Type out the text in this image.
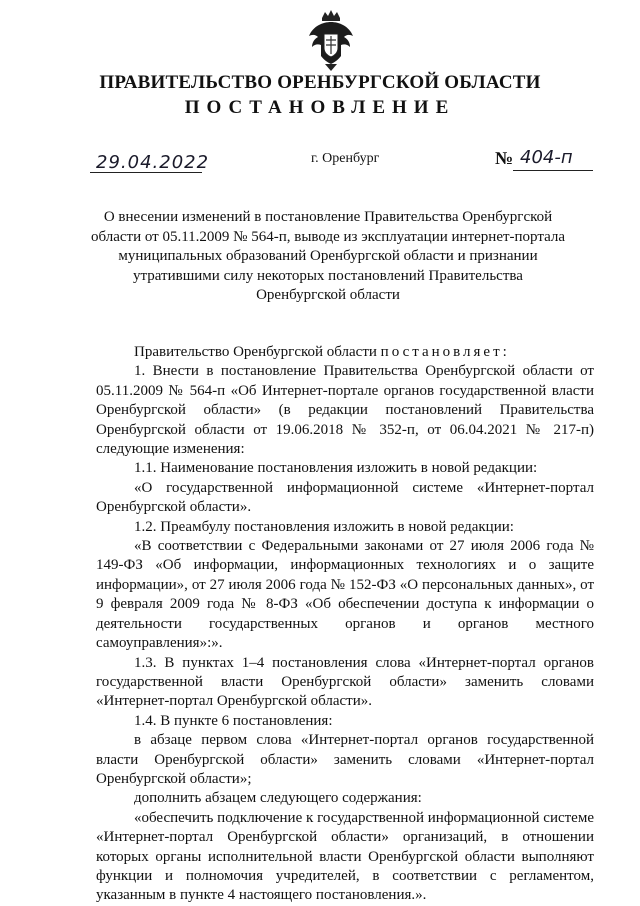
ПРАВИТЕЛЬСТВО ОРЕНБУРГСКОЙ ОБЛАСТИ
ПОСТАНОВЛЕНИЕ
29.04.2022	г. Оренбург	№ 404-п
О внесении изменений в постановление Правительства Оренбургской области от 05.11.2009 № 564-п, выводе из эксплуатации интернет-портала муниципальных образований Оренбургской области и признании утратившими силу некоторых постановлений Правительства Оренбургской области

Правительство Оренбургской области постановляет:

1. Внести в постановление Правительства Оренбургской области от 05.11.2009 № 564-п «Об Интернет-портале органов государственной власти Оренбургской области» (в редакции постановлений Правительства Оренбургской области от 19.06.2018 № 352-п, от 06.04.2021 № 217-п) следующие изменения:

1.1. Наименование постановления изложить в новой редакции:

«О государственной информационной системе «Интернет-портал Оренбургской области».

1.2. Преамбулу постановления изложить в новой редакции:

«В соответствии с Федеральными законами от 27 июля 2006 года № 149-ФЗ «Об информации, информационных технологиях и о защите информации», от 27 июля 2006 года № 152-ФЗ «О персональных данных», от 9 февраля 2009 года № 8-ФЗ «Об обеспечении доступа к информации о деятельности государственных органов и органов местного самоуправления»:».

1.3. В пунктах 1–4 постановления слова «Интернет-портал органов государственной власти Оренбургской области» заменить словами «Интернет-портал Оренбургской области».

1.4. В пункте 6 постановления:

в абзаце первом слова «Интернет-портал органов государственной власти Оренбургской области» заменить словами «Интернет-портал Оренбургской области»;

дополнить абзацем следующего содержания:

«обеспечить подключение к государственной информационной системе «Интернет-портал Оренбургской области» организаций, в отношении которых органы исполнительной власти Оренбургской области выполняют функции и полномочия учредителей, в соответствии с регламентом, указанным в пункте 4 настоящего постановления.».
